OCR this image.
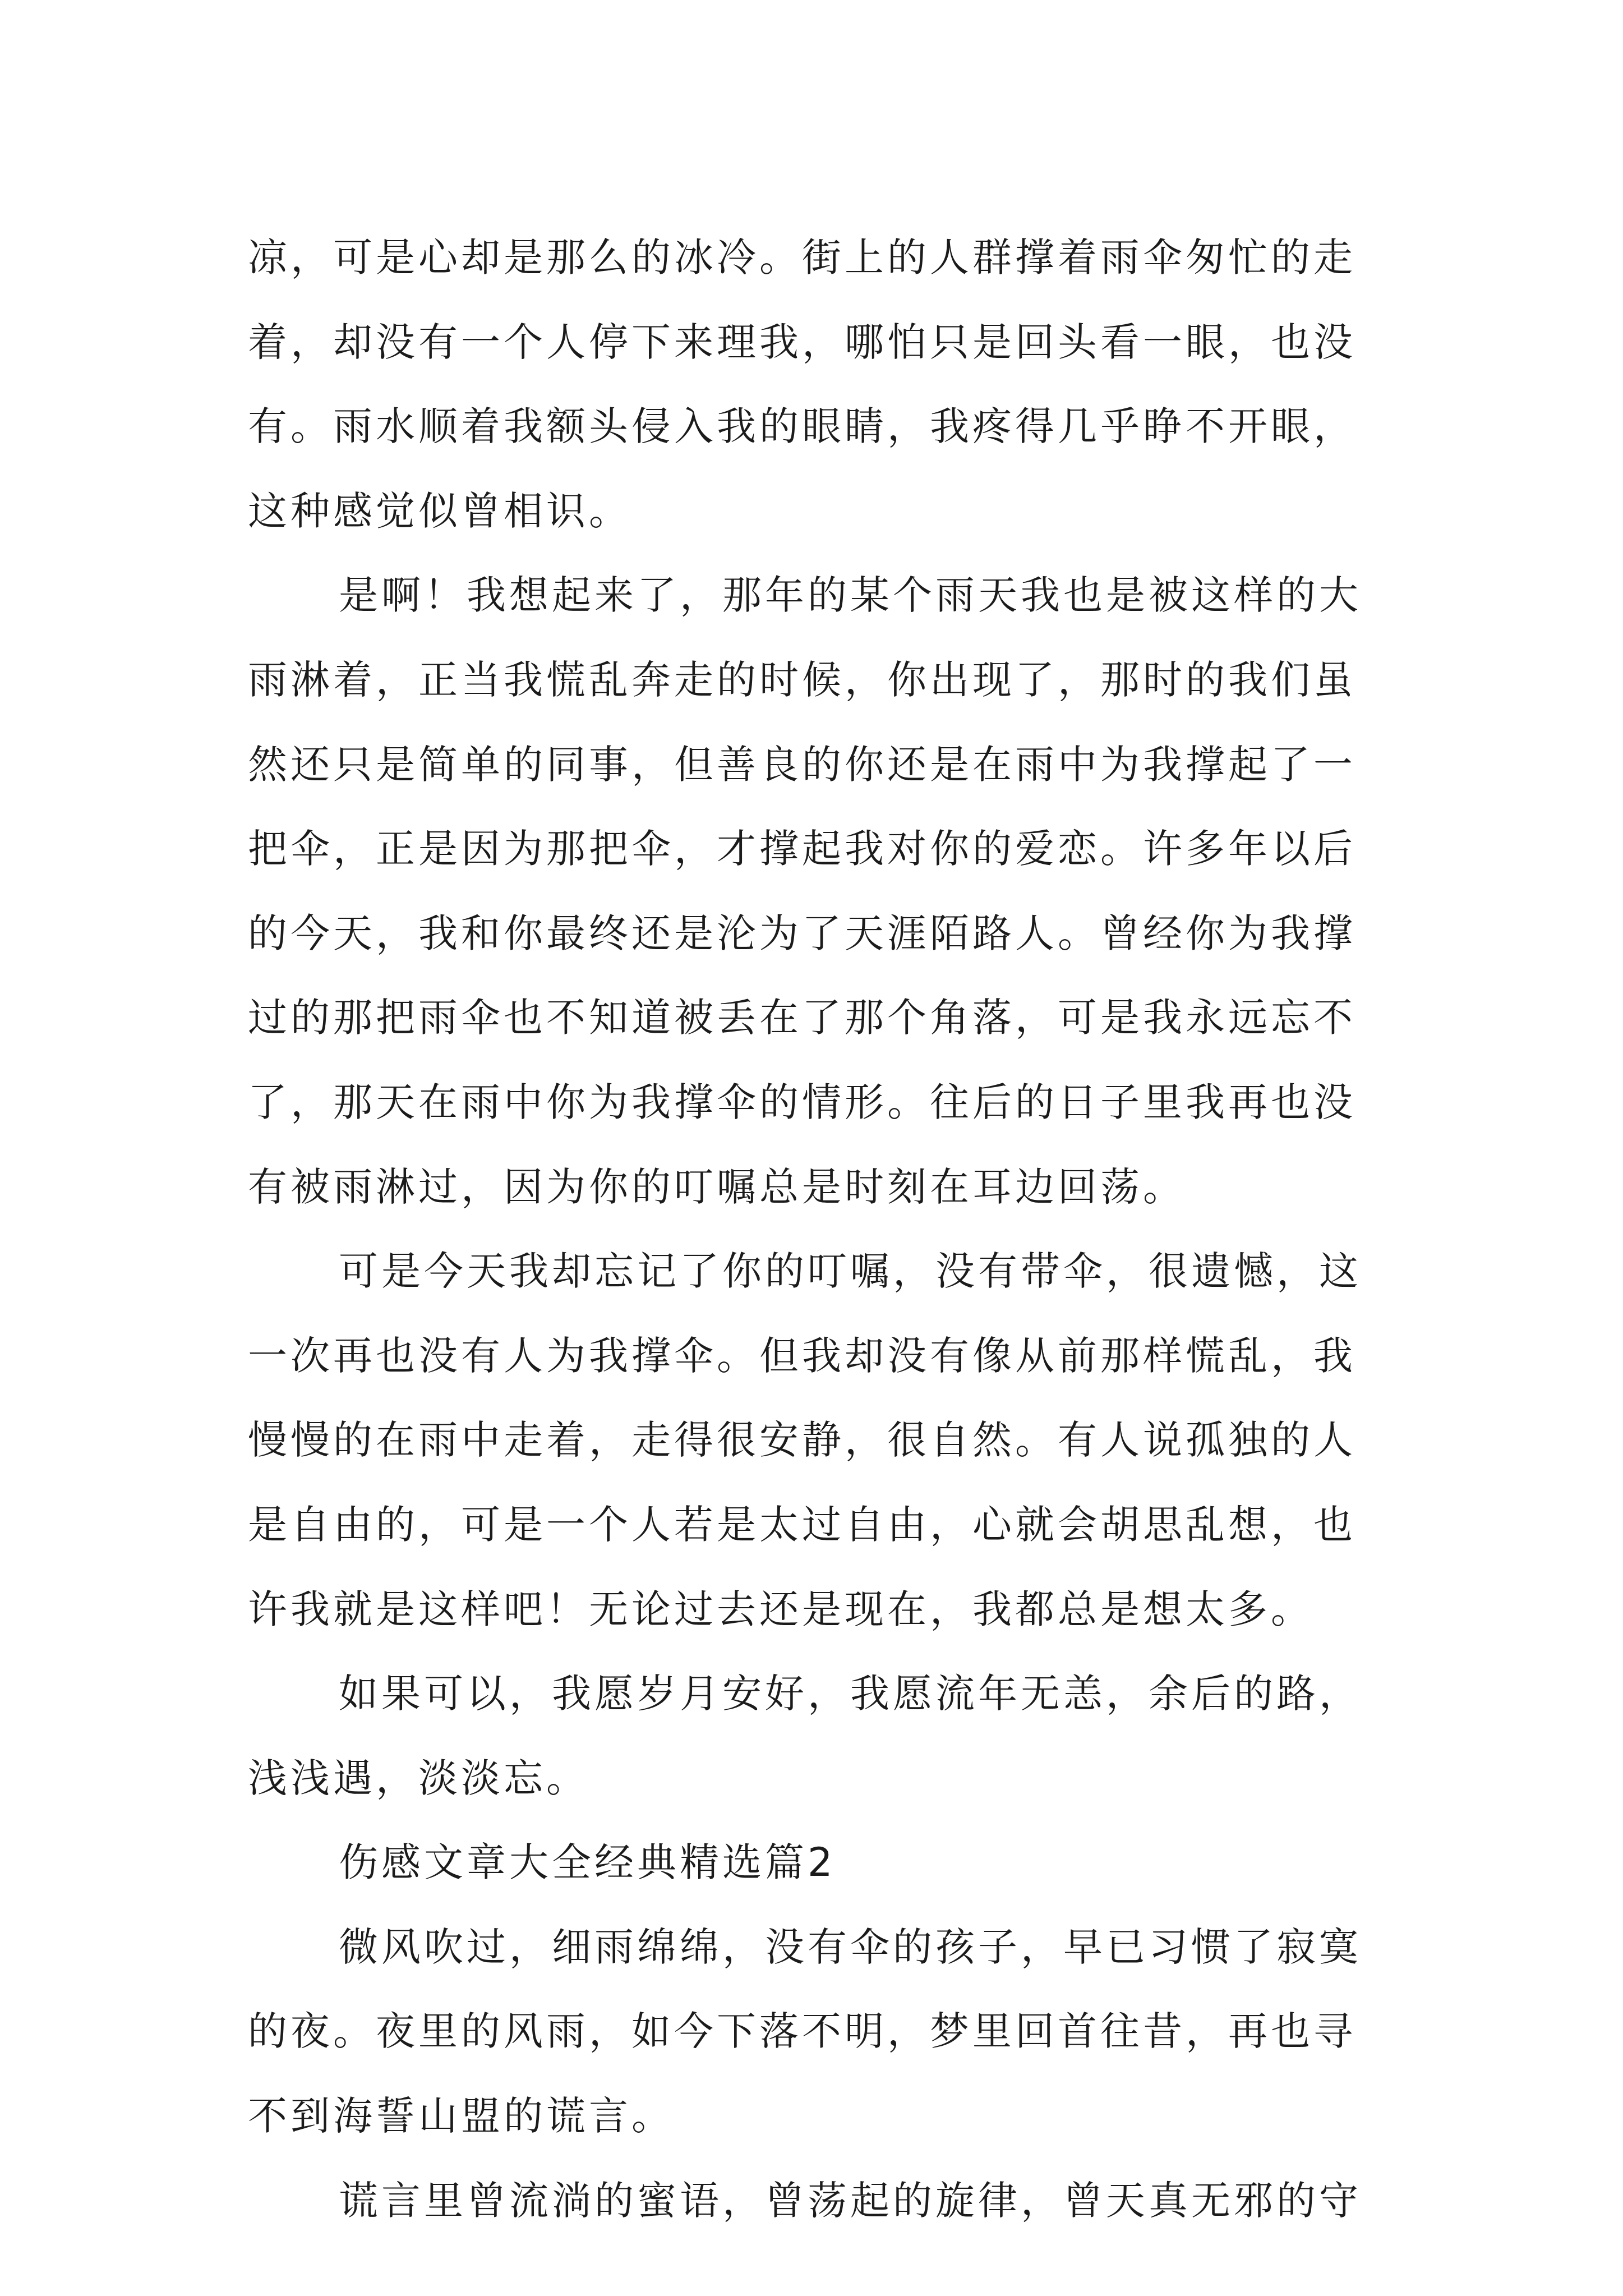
凉，可是心却是那么的冰冷。街上的人群撑着雨伞匆忙的走
着，却没有一个人停下来理我，哪怕只是回头看一眼，也没
有。雨水顺着我额头侵入我的眼睛，我疼得几乎睁不开眼，
这种感觉似曾相识。
是啊！我想起来了，那年的某个雨天我也是被这样的大
雨淋着，正当我慌乱奔走的时候，你出现了，那时的我们虽
然还只是简单的同事，但善良的你还是在雨中为我撑起了一
把伞，正是因为那把伞，才撑起我对你的爱恋。许多年以后
的今天，我和你最终还是沦为了天涯陌路人。曾经你为我撑
过的那把雨伞也不知道被丢在了那个角落，可是我永远忘不
了，那天在雨中你为我撑伞的情形。往后的日子里我再也没
有被雨淋过，因为你的叮嘱总是时刻在耳边回荡。
可是今天我却忘记了你的叮嘱，没有带伞，很遗憾，这
一次再也没有人为我撑伞。但我却没有像从前那样慌乱，我
慢慢的在雨中走着，走得很安静，很自然。有人说孤独的人
是自由的，可是一个人若是太过自由，心就会胡思乱想，也
许我就是这样吧！无论过去还是现在，我都总是想太多。
如果可以，我愿岁月安好，我愿流年无恙，余后的路，
浅浅遇，淡淡忘。
伤感文章大全经典精选篇2
微风吹过，细雨绵绵，没有伞的孩子，早已习惯了寂寞
的夜。夜里的风雨，如今下落不明，梦里回首往昔，再也寻
不到海誓山盟的谎言。
谎言里曾流淌的蜜语，曾荡起的旋律，曾天真无邪的守
